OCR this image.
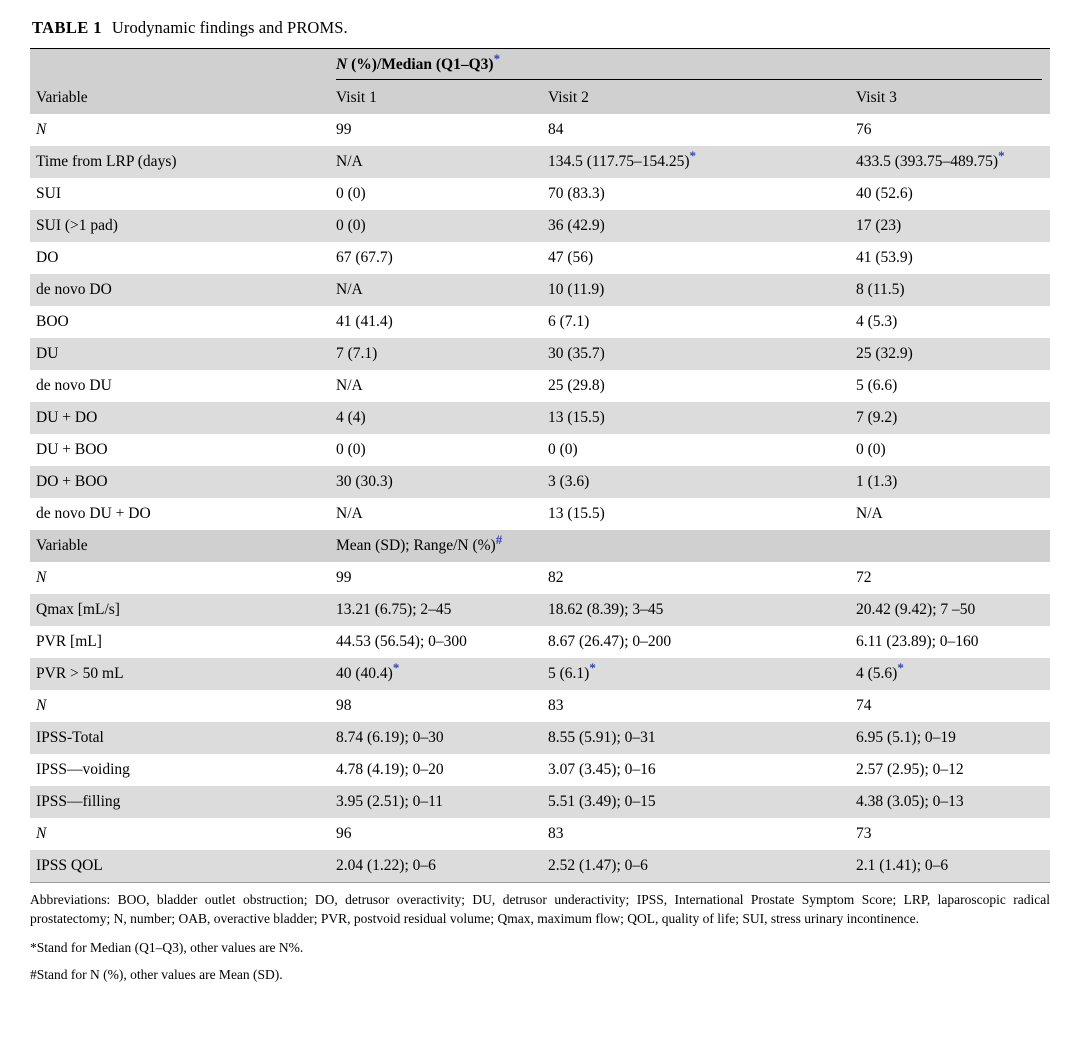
TABLE 1 Urodynamic findings and PROMS.

	N (%)/Median (Q1–Q3)*

Variable	Visit 1	Visit 2	Visit 3
N	99	84	76
Time from LRP (days)	N/A	134.5 (117.75–154.25)*	433.5 (393.75–489.75)*
SUI	0 (0)	70 (83.3)	40 (52.6)
SUI (>1 pad)	0 (0)	36 (42.9)	17 (23)
DO	67 (67.7)	47 (56)	41 (53.9)
de novo DO	N/A	10 (11.9)	8 (11.5)
BOO	41 (41.4)	6 (7.1)	4 (5.3)
DU	7 (7.1)	30 (35.7)	25 (32.9)
de novo DU	N/A	25 (29.8)	5 (6.6)
DU + DO	4 (4)	13 (15.5)	7 (9.2)
DU + BOO	0 (0)	0 (0)	0 (0)
DO + BOO	30 (30.3)	3 (3.6)	1 (1.3)
de novo DU + DO	N/A	13 (15.5)	N/A
Variable	Mean (SD); Range/N (%)#
N	99	82	72
Qmax [mL/s]	13.21 (6.75); 2–45	18.62 (8.39); 3–45	20.42 (9.42); 7 –50
PVR [mL]	44.53 (56.54); 0–300	8.67 (26.47); 0–200	6.11 (23.89); 0–160
PVR > 50 mL	40 (40.4)*	5 (6.1)*	4 (5.6)*
N	98	83	74
IPSS-Total	8.74 (6.19); 0–30	8.55 (5.91); 0–31	6.95 (5.1); 0–19
IPSS—voiding	4.78 (4.19); 0–20	3.07 (3.45); 0–16	2.57 (2.95); 0–12
IPSS—filling	3.95 (2.51); 0–11	5.51 (3.49); 0–15	4.38 (3.05); 0–13
N	96	83	73
IPSS QOL	2.04 (1.22); 0–6	2.52 (1.47); 0–6	2.1 (1.41); 0–6

Abbreviations: BOO, bladder outlet obstruction; DO, detrusor overactivity; DU, detrusor underactivity; IPSS, International Prostate Symptom Score; LRP, laparoscopic radical prostatectomy; N, number; OAB, overactive bladder; PVR, postvoid residual volume; Qmax, maximum flow; QOL, quality of life; SUI, stress urinary incontinence.

*Stand for Median (Q1–Q3), other values are N%.

#Stand for N (%), other values are Mean (SD).
